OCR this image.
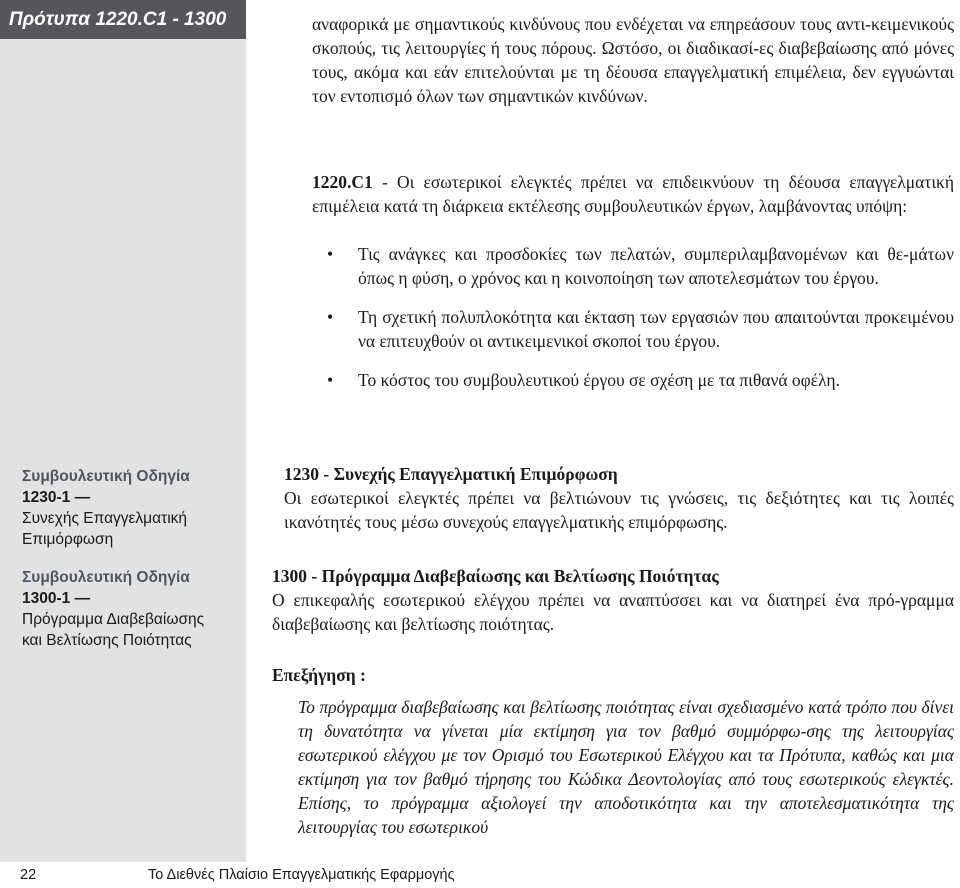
Πρότυπα 1220.C1 - 1300
Συμβουλευτική Οδηγία
1230-1 —
Συνεχής Επαγγελματική
Επιμόρφωση
Συμβουλευτική Οδηγία
1300-1 —
Πρόγραμμα Διαβεβαίωσης
και Βελτίωσης Ποιότητας

αναφορικά με σημαντικούς κινδύνους που ενδέχεται να επηρεάσουν τους αντι-κειμενικούς σκοπούς, τις λειτουργίες ή τους πόρους. Ωστόσο, οι διαδικασί-ες διαβεβαίωσης από μόνες τους, ακόμα και εάν επιτελούνται με τη δέουσα επαγγελματική επιμέλεια, δεν εγγυώνται τον εντοπισμό όλων των σημαντικών κινδύνων.

1220.C1 - Οι εσωτερικοί ελεγκτές πρέπει να επιδεικνύουν τη δέουσα επαγγελματική επιμέλεια κατά τη διάρκεια εκτέλεσης συμβουλευτικών έργων, λαμβάνοντας υπόψη:

• Τις ανάγκες και προσδοκίες των πελατών, συμπεριλαμβανομένων και θε-μάτων όπως η φύση, ο χρόνος και η κοινοποίηση των αποτελεσμάτων του έργου.
• Τη σχετική πολυπλοκότητα και έκταση των εργασιών που απαιτούνται προκειμένου να επιτευχθούν οι αντικειμενικοί σκοποί του έργου.
• Το κόστος του συμβουλευτικού έργου σε σχέση με τα πιθανά οφέλη.

1230 - Συνεχής Επαγγελματική Επιμόρφωση

Οι εσωτερικοί ελεγκτές πρέπει να βελτιώνουν τις γνώσεις, τις δεξιότητες και τις λοιπές ικανότητές τους μέσω συνεχούς επαγγελματικής επιμόρφωσης.

1300 - Πρόγραμμα Διαβεβαίωσης και Βελτίωσης Ποιότητας

Ο επικεφαλής εσωτερικού ελέγχου πρέπει να αναπτύσσει και να διατηρεί ένα πρό-γραμμα διαβεβαίωσης και βελτίωσης ποιότητας.

Επεξήγηση :

Το πρόγραμμα διαβεβαίωσης και βελτίωσης ποιότητας είναι σχεδιασμένο κατά τρόπο που δίνει τη δυνατότητα να γίνεται μία εκτίμηση για τον βαθμό συμμόρφω-σης της λειτουργίας εσωτερικού ελέγχου με τον Ορισμό του Εσωτερικού Ελέγχου και τα Πρότυπα, καθώς και μια εκτίμηση για τον βαθμό τήρησης του Κώδικα Δεοντολογίας από τους εσωτερικούς ελεγκτές. Επίσης, το πρόγραμμα αξιολογεί την αποδοτικότητα και την αποτελεσματικότητα της λειτουργίας του εσωτερικού

22	Το Διεθνές Πλαίσιο Επαγγελματικής Εφαρμογής
